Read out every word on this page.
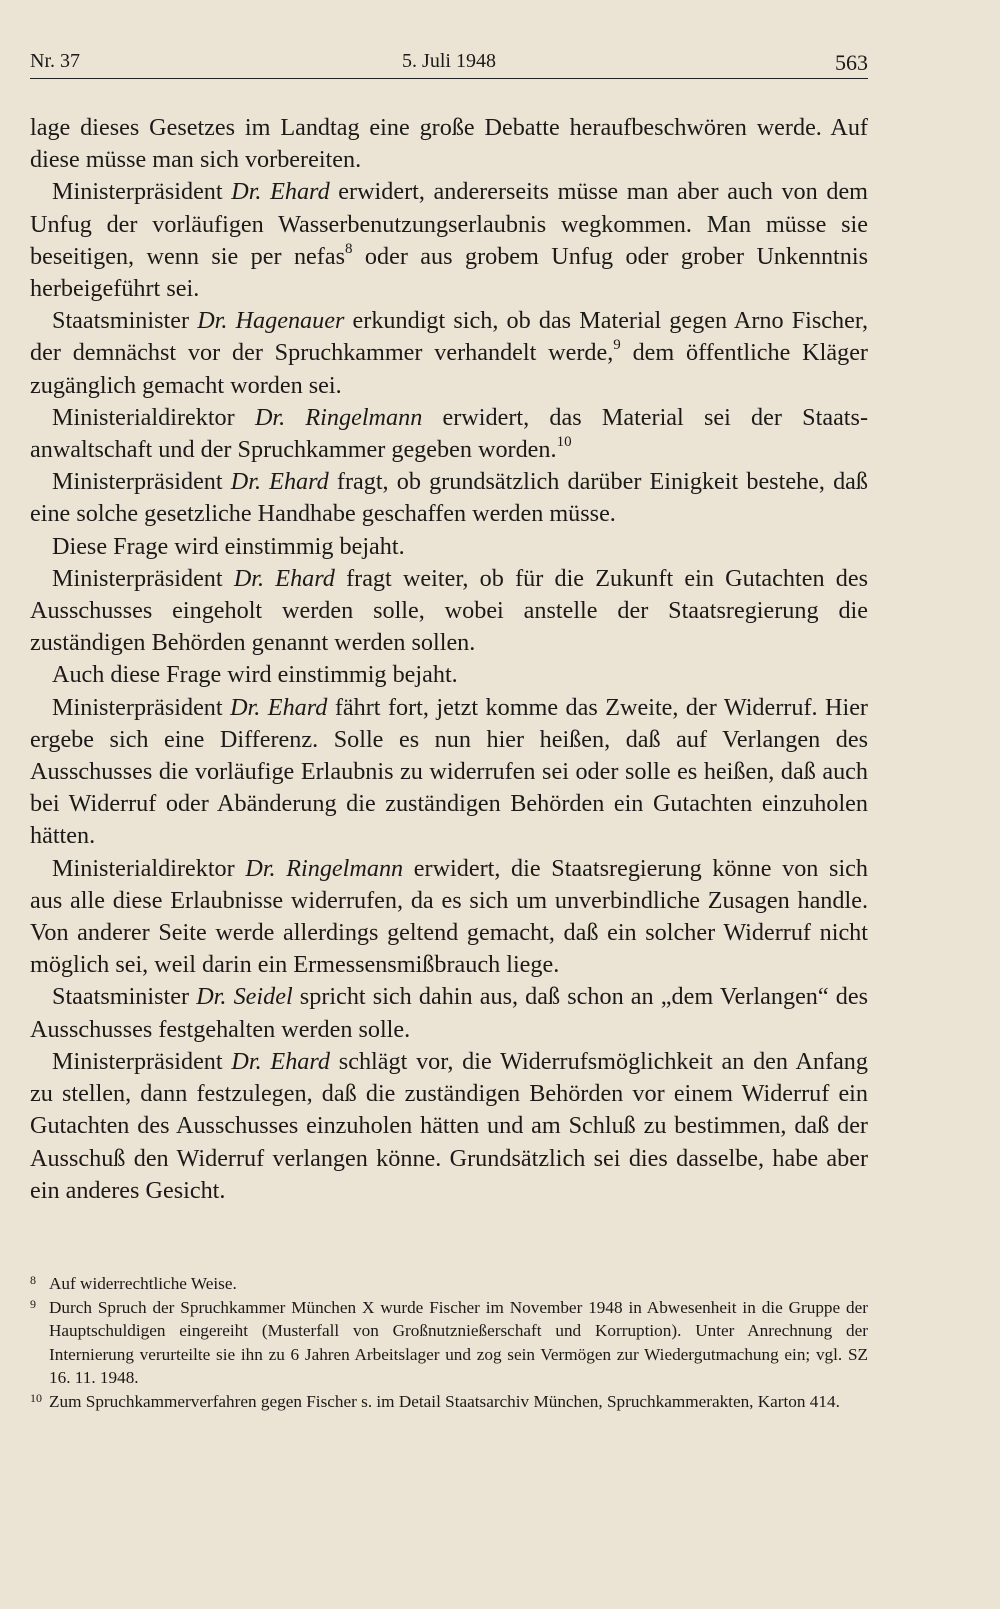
Nr. 37	5. Juli 1948	563

lage dieses Gesetzes im Landtag eine große Debatte heraufbeschwören werde. Auf diese müsse man sich vorbereiten.

Ministerpräsident Dr. Ehard erwidert, andererseits müsse man aber auch von dem Unfug der vorläufigen Wasserbenutzungserlaubnis wegkommen. Man müsse sie beseitigen, wenn sie per nefas$^8$ oder aus grobem Unfug oder grober Unkenntnis herbeigeführt sei.

Staatsminister Dr. Hagenauer erkundigt sich, ob das Material gegen Arno Fischer, der demnächst vor der Spruchkammer verhandelt werde,$^9$ dem öffentliche Kläger zugänglich gemacht worden sei.

Ministerialdirektor Dr. Ringelmann erwidert, das Material sei der Staatsanwaltschaft und der Spruchkammer gegeben worden.$^{10}$

Ministerpräsident Dr. Ehard fragt, ob grundsätzlich darüber Einigkeit bestehe, daß eine solche gesetzliche Handhabe geschaffen werden müsse.

Diese Frage wird einstimmig bejaht.

Ministerpräsident Dr. Ehard fragt weiter, ob für die Zukunft ein Gutachten des Ausschusses eingeholt werden solle, wobei anstelle der Staatsregierung die zuständigen Behörden genannt werden sollen.

Auch diese Frage wird einstimmig bejaht.

Ministerpräsident Dr. Ehard fährt fort, jetzt komme das Zweite, der Widerruf. Hier ergebe sich eine Differenz. Solle es nun hier heißen, daß auf Verlangen des Ausschusses die vorläufige Erlaubnis zu widerrufen sei oder solle es heißen, daß auch bei Widerruf oder Abänderung die zuständigen Behörden ein Gutachten einzuholen hätten.

Ministerialdirektor Dr. Ringelmann erwidert, die Staatsregierung könne von sich aus alle diese Erlaubnisse widerrufen, da es sich um unverbindliche Zusagen handle. Von anderer Seite werde allerdings geltend gemacht, daß ein solcher Widerruf nicht möglich sei, weil darin ein Ermessensmißbrauch liege.

Staatsminister Dr. Seidel spricht sich dahin aus, daß schon an „dem Verlangen“ des Ausschusses festgehalten werden solle.

Ministerpräsident Dr. Ehard schlägt vor, die Widerrufsmöglichkeit an den Anfang zu stellen, dann festzulegen, daß die zuständigen Behörden vor einem Widerruf ein Gutachten des Ausschusses einzuholen hätten und am Schluß zu bestimmen, daß der Ausschuß den Widerruf verlangen könne. Grundsätzlich sei dies dasselbe, habe aber ein anderes Gesicht.

8 Auf widerrechtliche Weise.
9 Durch Spruch der Spruchkammer München X wurde Fischer im November 1948 in Abwesenheit in die Gruppe der Hauptschuldigen eingereiht (Musterfall von Großnutznießerschaft und Korruption). Unter Anrechnung der Internierung verurteilte sie ihn zu 6 Jahren Arbeitslager und zog sein Vermögen zur Wiedergutmachung ein; vgl. SZ 16. 11. 1948.
10 Zum Spruchkammerverfahren gegen Fischer s. im Detail Staatsarchiv München, Spruchkammerakten, Karton 414.
